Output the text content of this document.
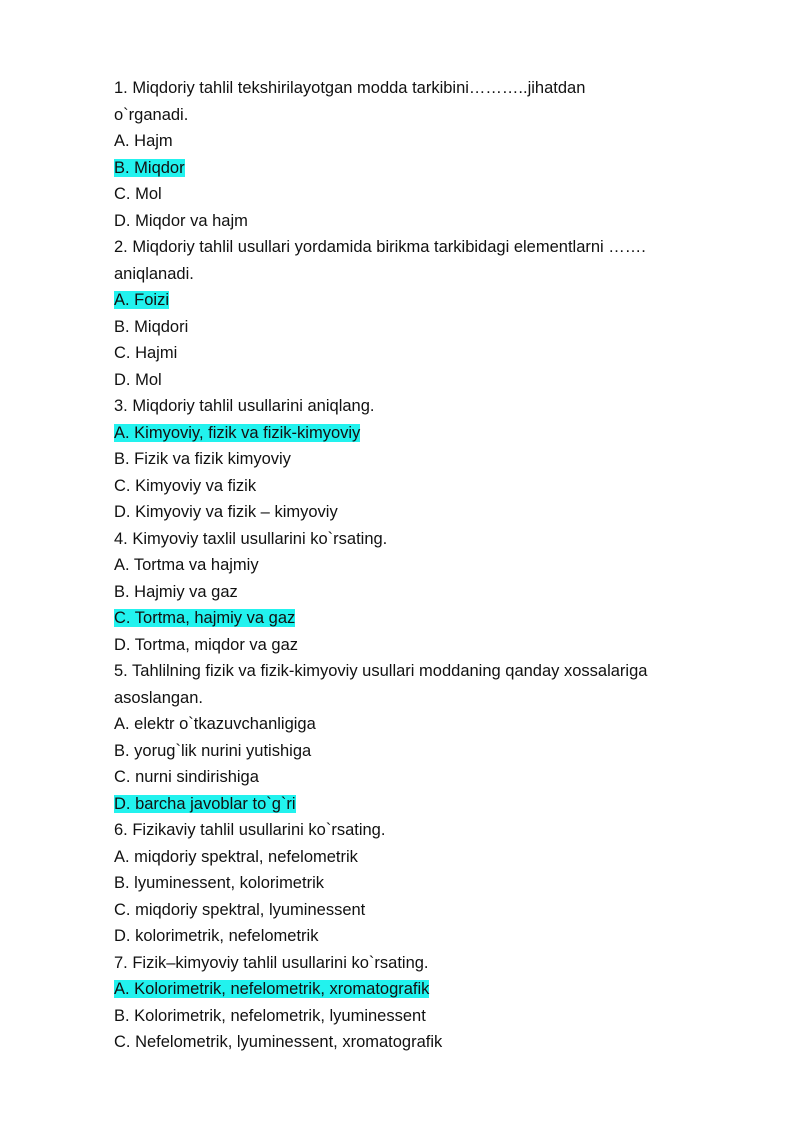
1. Miqdoriy tahlil tekshirilayotgan modda tarkibini………..jihatdan
o`rganadi.
A. Hajm
B. Miqdor
C. Mol
D. Miqdor va hajm
2. Miqdoriy tahlil usullari yordamida birikma tarkibidagi elementlarni …….
aniqlanadi.
A. Foizi
B. Miqdori
C. Hajmi
D. Mol
3. Miqdoriy tahlil usullarini aniqlang.
A. Kimyoviy, fizik va fizik-kimyoviy
B. Fizik va fizik kimyoviy
C. Kimyoviy va fizik
D. Kimyoviy va fizik – kimyoviy
4. Kimyoviy taxlil usullarini ko`rsating.
A. Tortma va hajmiy
B. Hajmiy va gaz
C. Tortma, hajmiy va gaz
D. Tortma, miqdor va gaz
5. Tahlilning fizik va fizik-kimyoviy usullari moddaning qanday xossalariga
asoslangan.
A. elektr o`tkazuvchanligiga
B. yorug`lik nurini yutishiga
C. nurni sindirishiga
D. barcha javoblar to`g`ri
6. Fizikaviy tahlil usullarini ko`rsating.
A. miqdoriy spektral, nefelometrik
B. lyuminessent, kolorimetrik
C. miqdoriy spektral, lyuminessent
D. kolorimetrik, nefelometrik
7. Fizik–kimyoviy tahlil usullarini ko`rsating.
A. Kolorimetrik, nefelometrik, xromatografik
B. Kolorimetrik, nefelometrik, lyuminessent
C. Nefelometrik, lyuminessent, xromatografik
